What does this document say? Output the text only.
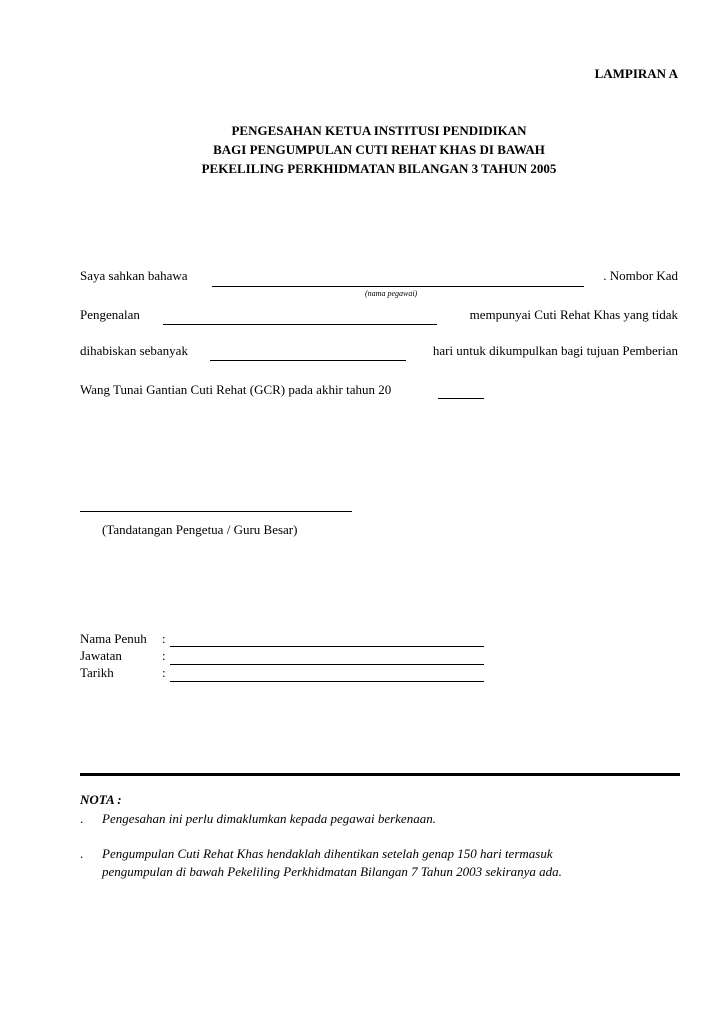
LAMPIRAN A
PENGESAHAN KETUA INSTITUSI PENDIDIKAN
BAGI PENGUMPULAN CUTI REHAT KHAS DI BAWAH
PEKELILING PERKHIDMATAN BILANGAN 3 TAHUN 2005
Saya sahkan bahawa	. Nombor Kad
(nama pegawai)
Pengenalan	mempunyai Cuti Rehat Khas yang tidak
dihabiskan sebanyak	hari untuk dikumpulkan bagi tujuan Pemberian
Wang Tunai Gantian Cuti Rehat (GCR) pada akhir tahun 20
(Tandatangan Pengetua / Guru Besar)
Nama Penuh :
Jawatan	:
Tarikh	:
NOTA :
. Pengesahan ini perlu dimaklumkan kepada pegawai berkenaan.
. Pengumpulan Cuti Rehat Khas hendaklah dihentikan setelah genap 150 hari termasuk
pengumpulan di bawah Pekeliling Perkhidmatan Bilangan 7 Tahun 2003 sekiranya ada.
